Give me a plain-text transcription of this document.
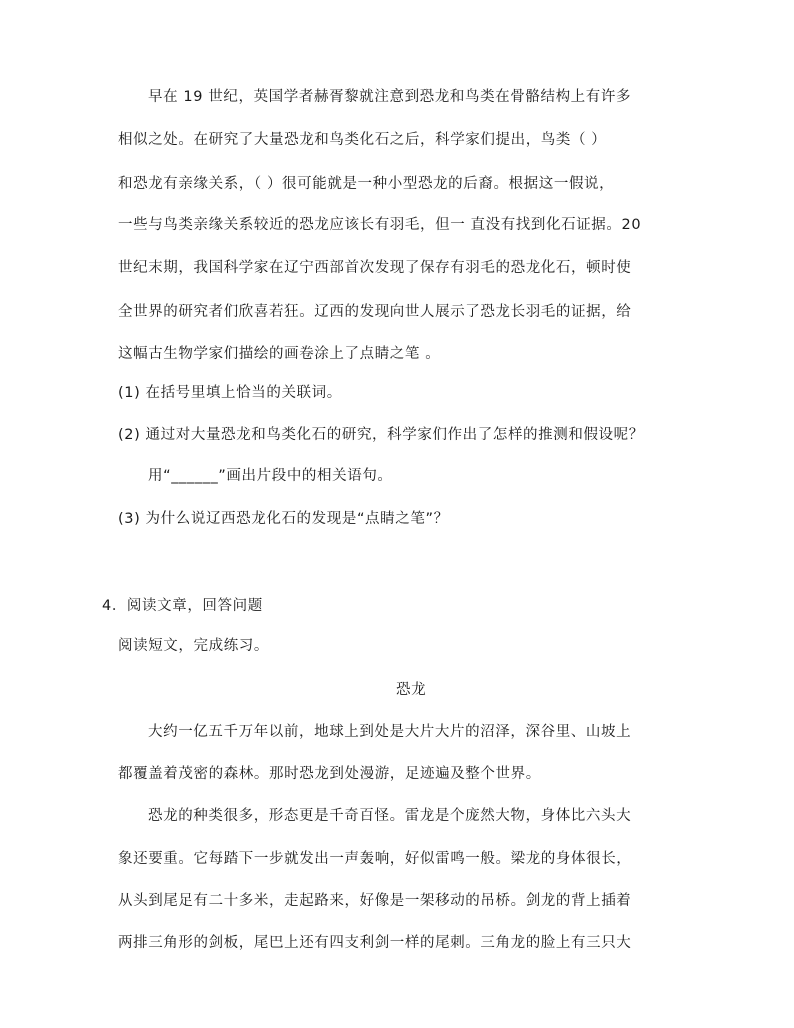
早在 19 世纪，英国学者赫胥黎就注意到恐龙和鸟类在骨骼结构上有许多
相似之处。在研究了大量恐龙和鸟类化石之后，科学家们提出，鸟类（ ）
和恐龙有亲缘关系，（ ）很可能就是一种小型恐龙的后裔。根据这一假说，
一些与鸟类亲缘关系较近的恐龙应该长有羽毛，但一 直没有找到化石证据。20
世纪末期，我国科学家在辽宁西部首次发现了保存有羽毛的恐龙化石，顿时使
全世界的研究者们欣喜若狂。辽西的发现向世人展示了恐龙长羽毛的证据，给
这幅古生物学家们描绘的画卷涂上了点睛之笔 。
(1) 在括号里填上恰当的关联词。
(2) 通过对大量恐龙和鸟类化石的研究，科学家们作出了怎样的推测和假设呢？
用“______”画出片段中的相关语句。
(3) 为什么说辽西恐龙化石的发现是“点睛之笔”？
4．阅读文章，回答问题
阅读短文，完成练习。
恐龙
大约一亿五千万年以前，地球上到处是大片大片的沼泽，深谷里、山坡上
都覆盖着茂密的森林。那时恐龙到处漫游，足迹遍及整个世界。
恐龙的种类很多，形态更是千奇百怪。雷龙是个庞然大物，身体比六头大
象还要重。它每踏下一步就发出一声轰响，好似雷鸣一般。梁龙的身体很长，
从头到尾足有二十多米，走起路来，好像是一架移动的吊桥。剑龙的背上插着
两排三角形的剑板，尾巴上还有四支利剑一样的尾刺。三角龙的脸上有三只大
